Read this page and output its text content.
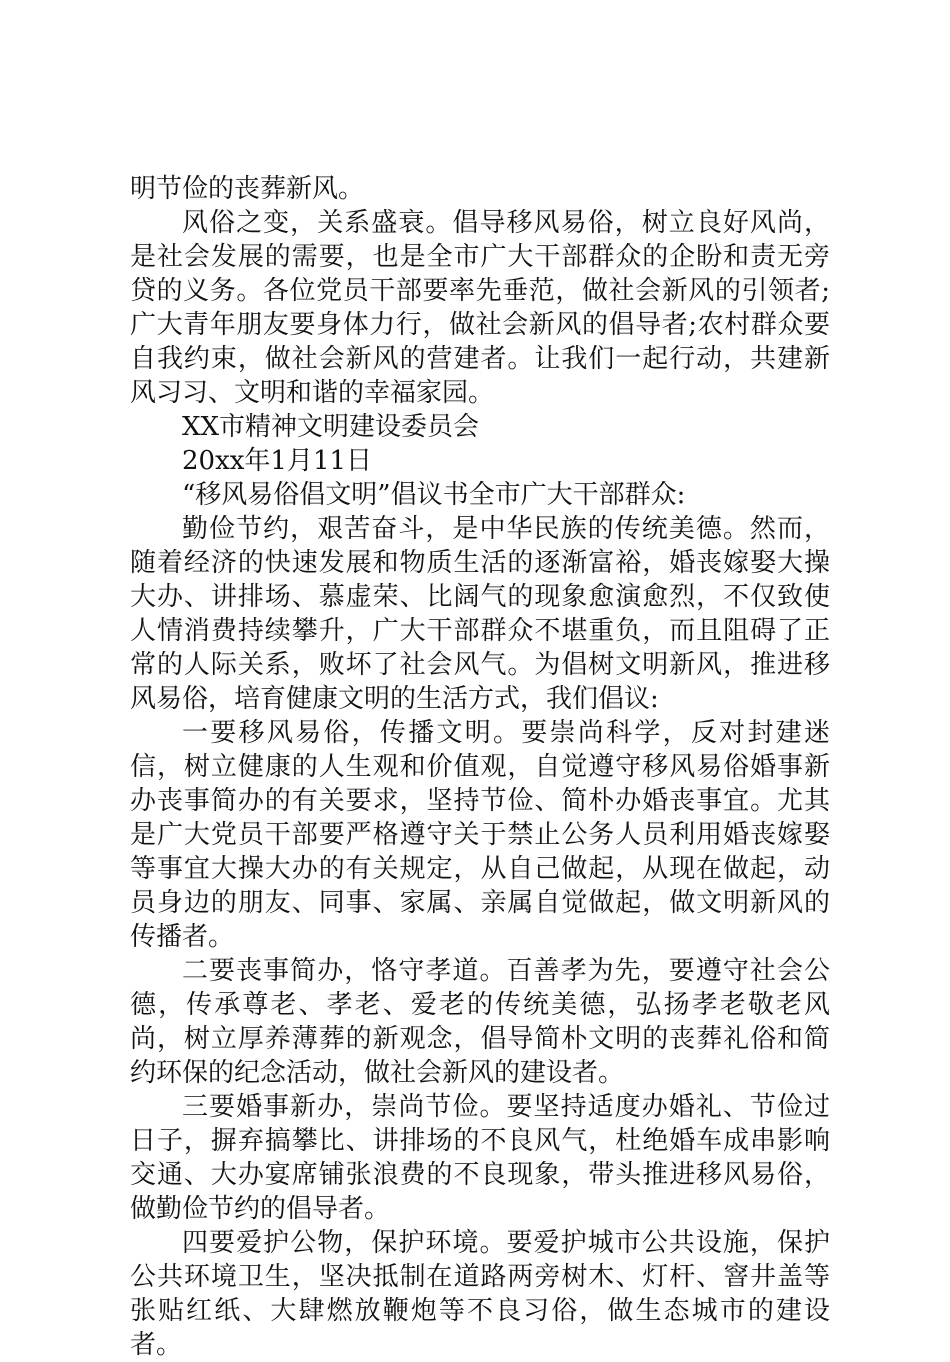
明节俭的丧葬新风。

风俗之变，关系盛衰。倡导移风易俗，树立良好风尚，是社会发展的需要，也是全市广大干部群众的企盼和责无旁贷的义务。各位党员干部要率先垂范，做社会新风的引领者;广大青年朋友要身体力行，做社会新风的倡导者;农村群众要自我约束，做社会新风的营建者。让我们一起行动，共建新风习习、文明和谐的幸福家园。

XX市精神文明建设委员会

20xx年1月11日

“移风易俗倡文明”倡议书全市广大干部群众:

勤俭节约，艰苦奋斗，是中华民族的传统美德。然而，随着经济的快速发展和物质生活的逐渐富裕，婚丧嫁娶大操大办、讲排场、慕虚荣、比阔气的现象愈演愈烈，不仅致使人情消费持续攀升，广大干部群众不堪重负，而且阻碍了正常的人际关系，败坏了社会风气。为倡树文明新风，推进移风易俗，培育健康文明的生活方式，我们倡议:

一要移风易俗，传播文明。要崇尚科学，反对封建迷信，树立健康的人生观和价值观，自觉遵守移风易俗婚事新办丧事简办的有关要求，坚持节俭、简朴办婚丧事宜。尤其是广大党员干部要严格遵守关于禁止公务人员利用婚丧嫁娶等事宜大操大办的有关规定，从自己做起，从现在做起，动员身边的朋友、同事、家属、亲属自觉做起，做文明新风的传播者。

二要丧事简办，恪守孝道。百善孝为先，要遵守社会公德，传承尊老、孝老、爱老的传统美德，弘扬孝老敬老风尚，树立厚养薄葬的新观念，倡导简朴文明的丧葬礼俗和简约环保的纪念活动，做社会新风的建设者。

三要婚事新办，崇尚节俭。要坚持适度办婚礼、节俭过日子，摒弃搞攀比、讲排场的不良风气，杜绝婚车成串影响交通、大办宴席铺张浪费的不良现象，带头推进移风易俗，做勤俭节约的倡导者。

四要爱护公物，保护环境。要爱护城市公共设施，保护公共环境卫生，坚决抵制在道路两旁树木、灯杆、窨井盖等张贴红纸、大肆燃放鞭炮等不良习俗，做生态城市的建设者。
